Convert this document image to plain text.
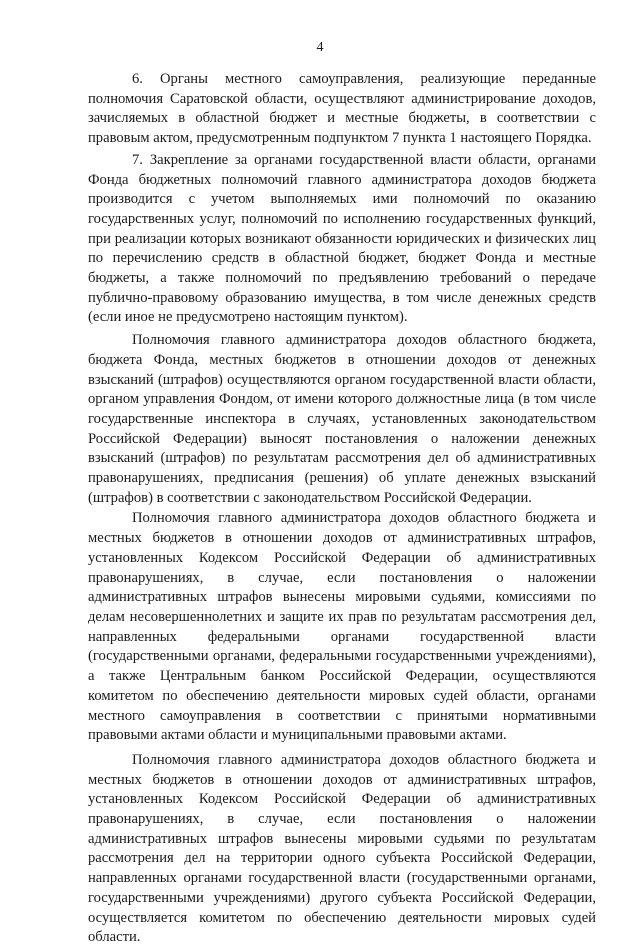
4

6. Органы местного самоуправления, реализующие переданные полномочия Саратовской области, осуществляют администрирование доходов, зачисляемых в областной бюджет и местные бюджеты, в соответствии с правовым актом, предусмотренным подпунктом 7 пункта 1 настоящего Порядка.

7. Закрепление за органами государственной власти области, органами Фонда бюджетных полномочий главного администратора доходов бюджета производится с учетом выполняемых ими полномочий по оказанию государственных услуг, полномочий по исполнению государственных функций, при реализации которых возникают обязанности юридических и физических лиц по перечислению средств в областной бюджет, бюджет Фонда и местные бюджеты, а также полномочий по предъявлению требований о передаче публично-правовому образованию имущества, в том числе денежных средств (если иное не предусмотрено настоящим пунктом).

Полномочия главного администратора доходов областного бюджета, бюджета Фонда, местных бюджетов в отношении доходов от денежных взысканий (штрафов) осуществляются органом государственной власти области, органом управления Фондом, от имени которого должностные лица (в том числе государственные инспектора в случаях, установленных законодательством Российской Федерации) выносят постановления о наложении денежных взысканий (штрафов) по результатам рассмотрения дел об административных правонарушениях, предписания (решения) об уплате денежных взысканий (штрафов) в соответствии с законодательством Российской Федерации.

Полномочия главного администратора доходов областного бюджета и местных бюджетов в отношении доходов от административных штрафов, установленных Кодексом Российской Федерации об административных правонарушениях, в случае, если постановления о наложении административных штрафов вынесены мировыми судьями, комиссиями по делам несовершеннолетних и защите их прав по результатам рассмотрения дел, направленных федеральными органами государственной власти (государственными органами, федеральными государственными учреждениями), а также Центральным банком Российской Федерации, осуществляются комитетом по обеспечению деятельности мировых судей области, органами местного самоуправления в соответствии с принятыми нормативными правовыми актами области и муниципальными правовыми актами.

Полномочия главного администратора доходов областного бюджета и местных бюджетов в отношении доходов от административных штрафов, установленных Кодексом Российской Федерации об административных правонарушениях, в случае, если постановления о наложении административных штрафов вынесены мировыми судьями по результатам рассмотрения дел на территории одного субъекта Российской Федерации, направленных органами государственной власти (государственными органами, государственными учреждениями) другого субъекта Российской Федерации, осуществляется комитетом по обеспечению деятельности мировых судей области.
